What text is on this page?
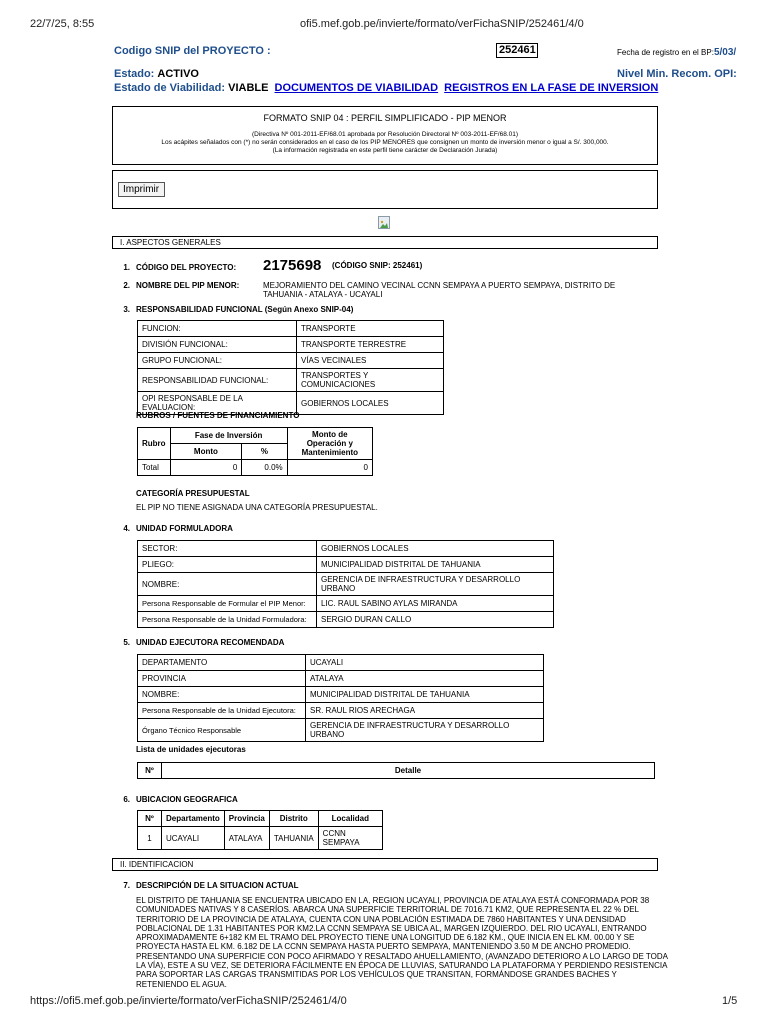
22/7/25, 8:55	ofi5.mef.gob.pe/invierte/formato/verFichaSNIP/252461/4/0
Codigo SNIP del PROYECTO :	252461	Fecha de registro en el BP:5/03/
Estado: ACTIVO	Nivel Min. Recom. OPI:
Estado de Viabilidad: VIABLE DOCUMENTOS DE VIABILIDAD REGISTROS EN LA FASE DE INVERSION
FORMATO SNIP 04 : PERFIL SIMPLIFICADO - PIP MENOR
(Directiva Nº 001-2011-EF/68.01 aprobada por Resolución Directoral Nº 003-2011-EF/68.01)
Los acápites señalados con (*) no serán considerados en el caso de los PIP MENORES que consignen un monto de inversión menor o igual a S/. 300,000.
(La información registrada en este perfil tiene carácter de Declaración Jurada)
Imprimir
I. ASPECTOS GENERALES
1. CÓDIGO DEL PROYECTO: 2175698 (CÓDIGO SNIP: 252461)
2. NOMBRE DEL PIP MENOR:	MEJORAMIENTO DEL CAMINO VECINAL CCNN SEMPAYA A PUERTO SEMPAYA, DISTRITO DE
TAHUANIA - ATALAYA - UCAYALI
3. RESPONSABILIDAD FUNCIONAL (Según Anexo SNIP-04)
FUNCION:	TRANSPORTE
DIVISIÓN FUNCIONAL:	TRANSPORTE TERRESTRE
GRUPO FUNCIONAL:	VÍAS VECINALES
RESPONSABILIDAD FUNCIONAL:	TRANSPORTES Y COMUNICACIONES
OPI RESPONSABLE DE LA EVALUACION:	GOBIERNOS LOCALES
RUBROS / FUENTES DE FINANCIAMIENTO
Rubro	Fase de Inversión		Monto de Operación y Mantenimiento
	Monto	%	
Total	0	0.0%	0
CATEGORÍA PRESUPUESTAL
EL PIP NO TIENE ASIGNADA UNA CATEGORÍA PRESUPUESTAL.
4. UNIDAD FORMULADORA
SECTOR:	GOBIERNOS LOCALES
PLIEGO:	MUNICIPALIDAD DISTRITAL DE TAHUANIA
NOMBRE:	GERENCIA DE INFRAESTRUCTURA Y DESARROLLO URBANO
Persona Responsable de Formular el PIP Menor:	LIC. RAUL SABINO AYLAS MIRANDA
Persona Responsable de la Unidad Formuladora:	SERGIO DURAN CALLO
5. UNIDAD EJECUTORA RECOMENDADA
DEPARTAMENTO	UCAYALI
PROVINCIA	ATALAYA
NOMBRE:	MUNICIPALIDAD DISTRITAL DE TAHUANIA
Persona Responsable de la Unidad Ejecutora:	SR. RAUL RIOS ARECHAGA
Órgano Técnico Responsable	GERENCIA DE INFRAESTRUCTURA Y DESARROLLO URBANO
Lista de unidades ejecutoras
Nº	Detalle
6. UBICACION GEOGRAFICA
Nº	Departamento	Provincia	Distrito	Localidad
1	UCAYALI	ATALAYA	TAHUANIA	CCNN SEMPAYA
II. IDENTIFICACION
7. DESCRIPCIÓN DE LA SITUACION ACTUAL
EL DISTRITO DE TAHUANIA SE ENCUENTRA UBICADO EN LA, REGION UCAYALI, PROVINCIA DE ATALAYA ESTÁ CONFORMADA POR 38
COMUNIDADES NATIVAS Y 8 CASERÍOS. ABARCA UNA SUPERFICIE TERRITORIAL DE 7016.71 KM2, QUE REPRESENTA EL 22 % DEL
TERRITORIO DE LA PROVINCIA DE ATALAYA, CUENTA CON UNA POBLACIÓN ESTIMADA DE 7860 HABITANTES Y UNA DENSIDAD
POBLACIONAL DE 1.31 HABITANTES POR KM2.LA CCNN SEMPAYA SE UBICA AL, MARGEN IZQUIERDO. DEL RIO UCAYALI, ENTRANDO
APROXIMADAMENTE 6+182 KM EL TRAMO DEL PROYECTO TIENE UNA LONGITUD DE 6.182 KM., QUE INICIA EN EL KM. 00.00 Y SE
PROYECTA HASTA EL KM. 6.182 DE LA CCNN SEMPAYA HASTA PUERTO SEMPAYA, MANTENIENDO 3.50 M DE ANCHO PROMEDIO.
PRESENTANDO UNA SUPERFICIE CON POCO AFIRMADO Y RESALTADO AHUELLAMIENTO, (AVANZADO DETERIORO A LO LARGO DE TODA
LA VÍA), ESTE A SU VEZ, SE DETERIORA FÁCILMENTE EN ÉPOCA DE LLUVIAS, SATURANDO LA PLATAFORMA Y PERDIENDO RESISTENCIA
PARA SOPORTAR LAS CARGAS TRANSMITIDAS POR LOS VEHÍCULOS QUE TRANSITAN, FORMÁNDOSE GRANDES BACHES Y
RETENIENDO EL AGUA.
https://ofi5.mef.gob.pe/invierte/formato/verFichaSNIP/252461/4/0	1/5
